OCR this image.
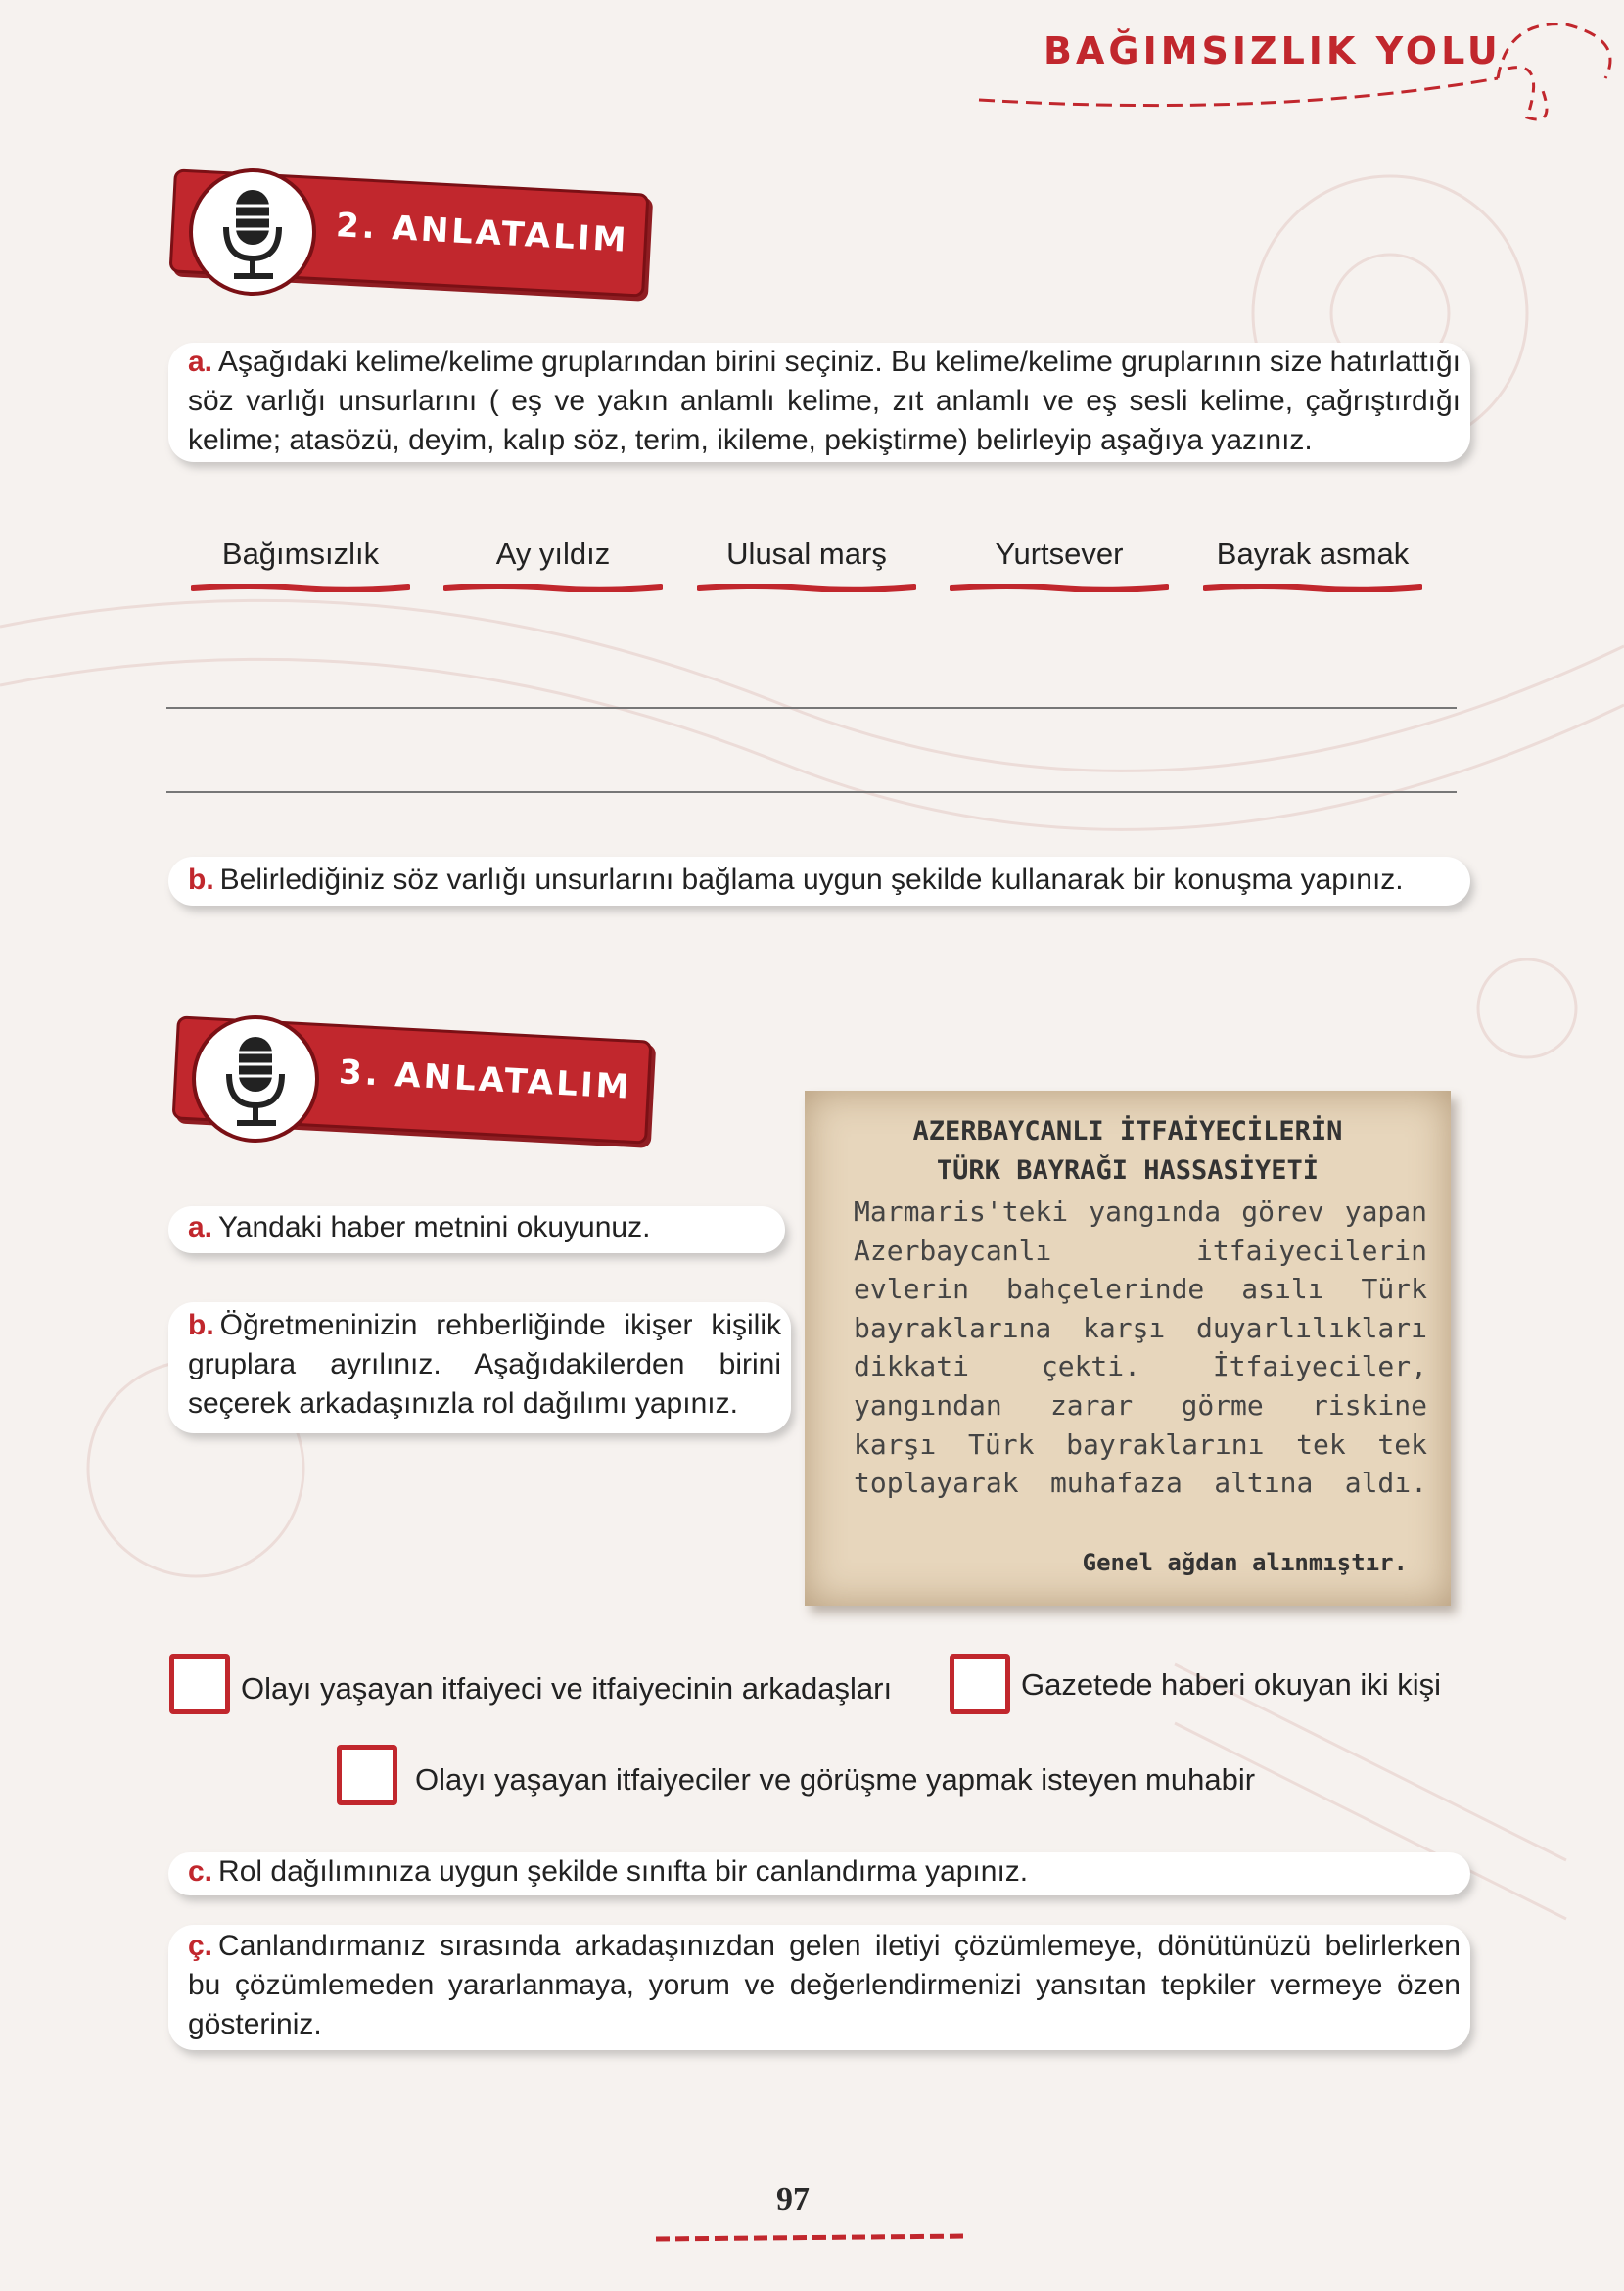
BAĞIMSIZLIK YOLU
2. ANLATALIM
a. Aşağıdaki kelime/kelime gruplarından birini seçiniz. Bu kelime/kelime gruplarının size hatırlattığı söz varlığı unsurlarını ( eş ve yakın anlamlı kelime, zıt anlamlı ve eş sesli kelime, çağrıştırdığı kelime; atasözü, deyim, kalıp söz, terim, ikileme, pekiştirme) belirleyip aşağıya yazınız.
Bağımsızlık	Ay yıldız	Ulusal marş	Yurtsever	Bayrak asmak
b. Belirlediğiniz söz varlığı unsurlarını bağlama uygun şekilde kullanarak bir konuşma yapınız.
3. ANLATALIM
a. Yandaki haber metnini okuyunuz.
b. Öğretmeninizin rehberliğinde ikişer kişilik gruplara ayrılınız. Aşağıdakilerden birini seçerek arkadaşınızla rol dağılımı yapınız.
AZERBAYCANLI İTFAİYECİLERİN
TÜRK BAYRAĞI HASSASİYETİ
Marmaris'teki yangında görev yapan Azerbaycanlı itfaiyecilerin evlerin bahçelerinde asılı Türk bayraklarına karşı duyarlılıkları dikkati çekti. İtfaiyeciler, yangından zarar görme riskine karşı Türk bayraklarını tek tek toplayarak muhafaza altına aldı.
Genel ağdan alınmıştır.
Olayı yaşayan itfaiyeci ve itfaiyecinin arkadaşları	Gazetede haberi okuyan iki kişi
Olayı yaşayan itfaiyeciler ve görüşme yapmak isteyen muhabir
c. Rol dağılımınıza uygun şekilde sınıfta bir canlandırma yapınız.
ç. Canlandırmanız sırasında arkadaşınızdan gelen iletiyi çözümlemeye, dönütünüzü belirlerken bu çözümlemeden yararlanmaya, yorum ve değerlendirmenizi yansıtan tepkiler vermeye özen gösteriniz.
97
